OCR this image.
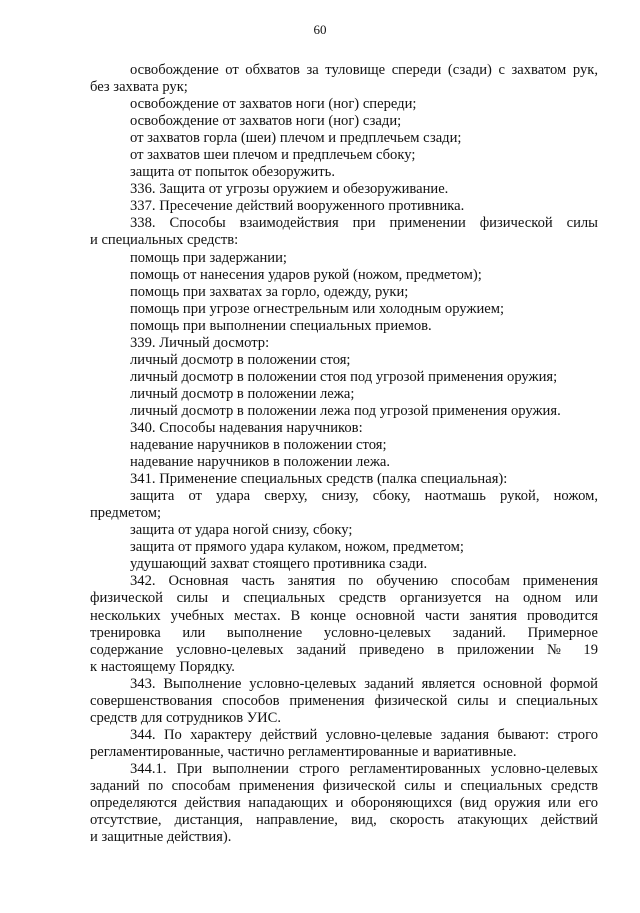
60
освобождение от обхватов за туловище спереди (сзади) с захватом рук,
без захвата рук;
освобождение от захватов ноги (ног) спереди;
освобождение от захватов ноги (ног) сзади;
от захватов горла (шеи) плечом и предплечьем сзади;
от захватов шеи плечом и предплечьем сбоку;
защита от попыток обезоружить.
336. Защита от угрозы оружием и обезоруживание.
337. Пресечение действий вооруженного противника.
338. Способы взаимодействия при применении физической силы
и специальных средств:
помощь при задержании;
помощь от нанесения ударов рукой (ножом, предметом);
помощь при захватах за горло, одежду, руки;
помощь при угрозе огнестрельным или холодным оружием;
помощь при выполнении специальных приемов.
339. Личный досмотр:
личный досмотр в положении стоя;
личный досмотр в положении стоя под угрозой применения оружия;
личный досмотр в положении лежа;
личный досмотр в положении лежа под угрозой применения оружия.
340. Способы надевания наручников:
надевание наручников в положении стоя;
надевание наручников в положении лежа.
341. Применение специальных средств (палка специальная):
защита от удара сверху, снизу, сбоку, наотмашь рукой, ножом,
предметом;
защита от удара ногой снизу, сбоку;
защита от прямого удара кулаком, ножом, предметом;
удушающий захват стоящего противника сзади.
342. Основная часть занятия по обучению способам применения
физической силы и специальных средств организуется на одном или
нескольких учебных местах. В конце основной части занятия проводится
тренировка или выполнение условно-целевых заданий. Примерное
содержание условно-целевых заданий приведено в приложении № 19
к настоящему Порядку.
343. Выполнение условно-целевых заданий является основной формой
совершенствования способов применения физической силы и специальных
средств для сотрудников УИС.
344. По характеру действий условно-целевые задания бывают: строго
регламентированные, частично регламентированные и вариативные.
344.1. При выполнении строго регламентированных условно-целевых
заданий по способам применения физической силы и специальных средств
определяются действия нападающих и обороняющихся (вид оружия или его
отсутствие, дистанция, направление, вид, скорость атакующих действий
и защитные действия).
